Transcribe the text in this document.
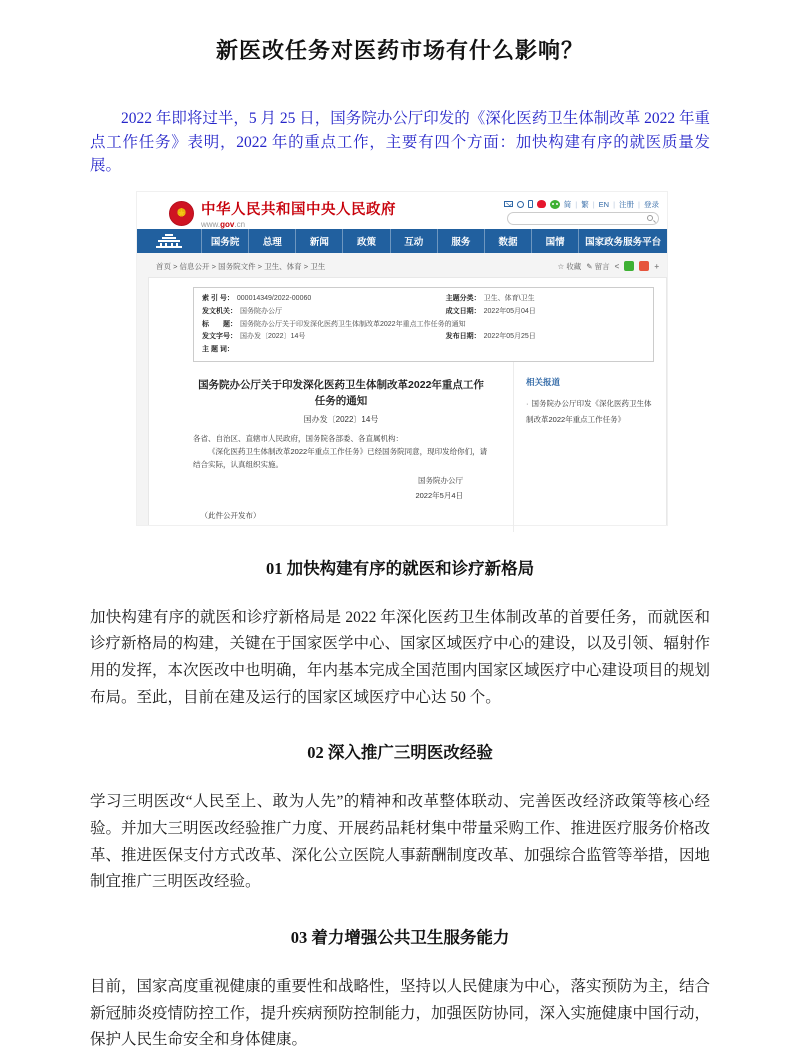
新医改任务对医药市场有什么影响？

2022 年即将过半，5 月 25 日，国务院办公厅印发的《深化医药卫生体制改革 2022 年重点工作任务》表明，2022 年的重点工作，主要有四个方面：加快构建有序的就医质量发展。

★	中华人民共和国中央人民政府
www.gov.cn
简 | 繁 | EN | 注册 | 登录
国务院	总理	新闻	政策	互动	服务	数据	国情	国家政务服务平台
首页 > 信息公开 > 国务院文件 > 卫生、体育 > 卫生	☆ 收藏 ✎ 留言 <	+
索 引 号： 000014349/2022-00060	主题分类： 卫生、体育\卫生
发文机关： 国务院办公厅	成文日期： 2022年05月04日
标　　题： 国务院办公厅关于印发深化医药卫生体制改革2022年重点工作任务的通知
发文字号： 国办发〔2022〕14号	发布日期： 2022年05月25日
主 题 词：
国务院办公厅关于印发深化医药卫生体制改革2022年重点工作任务的通知
国办发〔2022〕14号

各省、自治区、直辖市人民政府，国务院各部委、各直属机构：

《深化医药卫生体制改革2022年重点工作任务》已经国务院同意，现印发给你们，请结合实际，认真组织实施。

国务院办公厅
2022年5月4日
（此件公开发布）
相关报道
· 国务院办公厅印发《深化医药卫生体制改革2022年重点工作任务》
01 加快构建有序的就医和诊疗新格局

加快构建有序的就医和诊疗新格局是 2022 年深化医药卫生体制改革的首要任务，而就医和诊疗新格局的构建，关键在于国家医学中心、国家区域医疗中心的建设，以及引领、辐射作用的发挥，本次医改中也明确，年内基本完成全国范围内国家区域医疗中心建设项目的规划布局。至此，目前在建及运行的国家区域医疗中心达 50 个。

02 深入推广三明医改经验

学习三明医改“人民至上、敢为人先”的精神和改革整体联动、完善医改经济政策等核心经验。并加大三明医改经验推广力度、开展药品耗材集中带量采购工作、推进医疗服务价格改革、推进医保支付方式改革、深化公立医院人事薪酬制度改革、加强综合监管等举措，因地制宜推广三明医改经验。

03 着力增强公共卫生服务能力

目前，国家高度重视健康的重要性和战略性，坚持以人民健康为中心，落实预防为主，结合新冠肺炎疫情防控工作，提升疾病预防控制能力，加强医防协同，深入实施健康中国行动，保护人民生命安全和身体健康。
